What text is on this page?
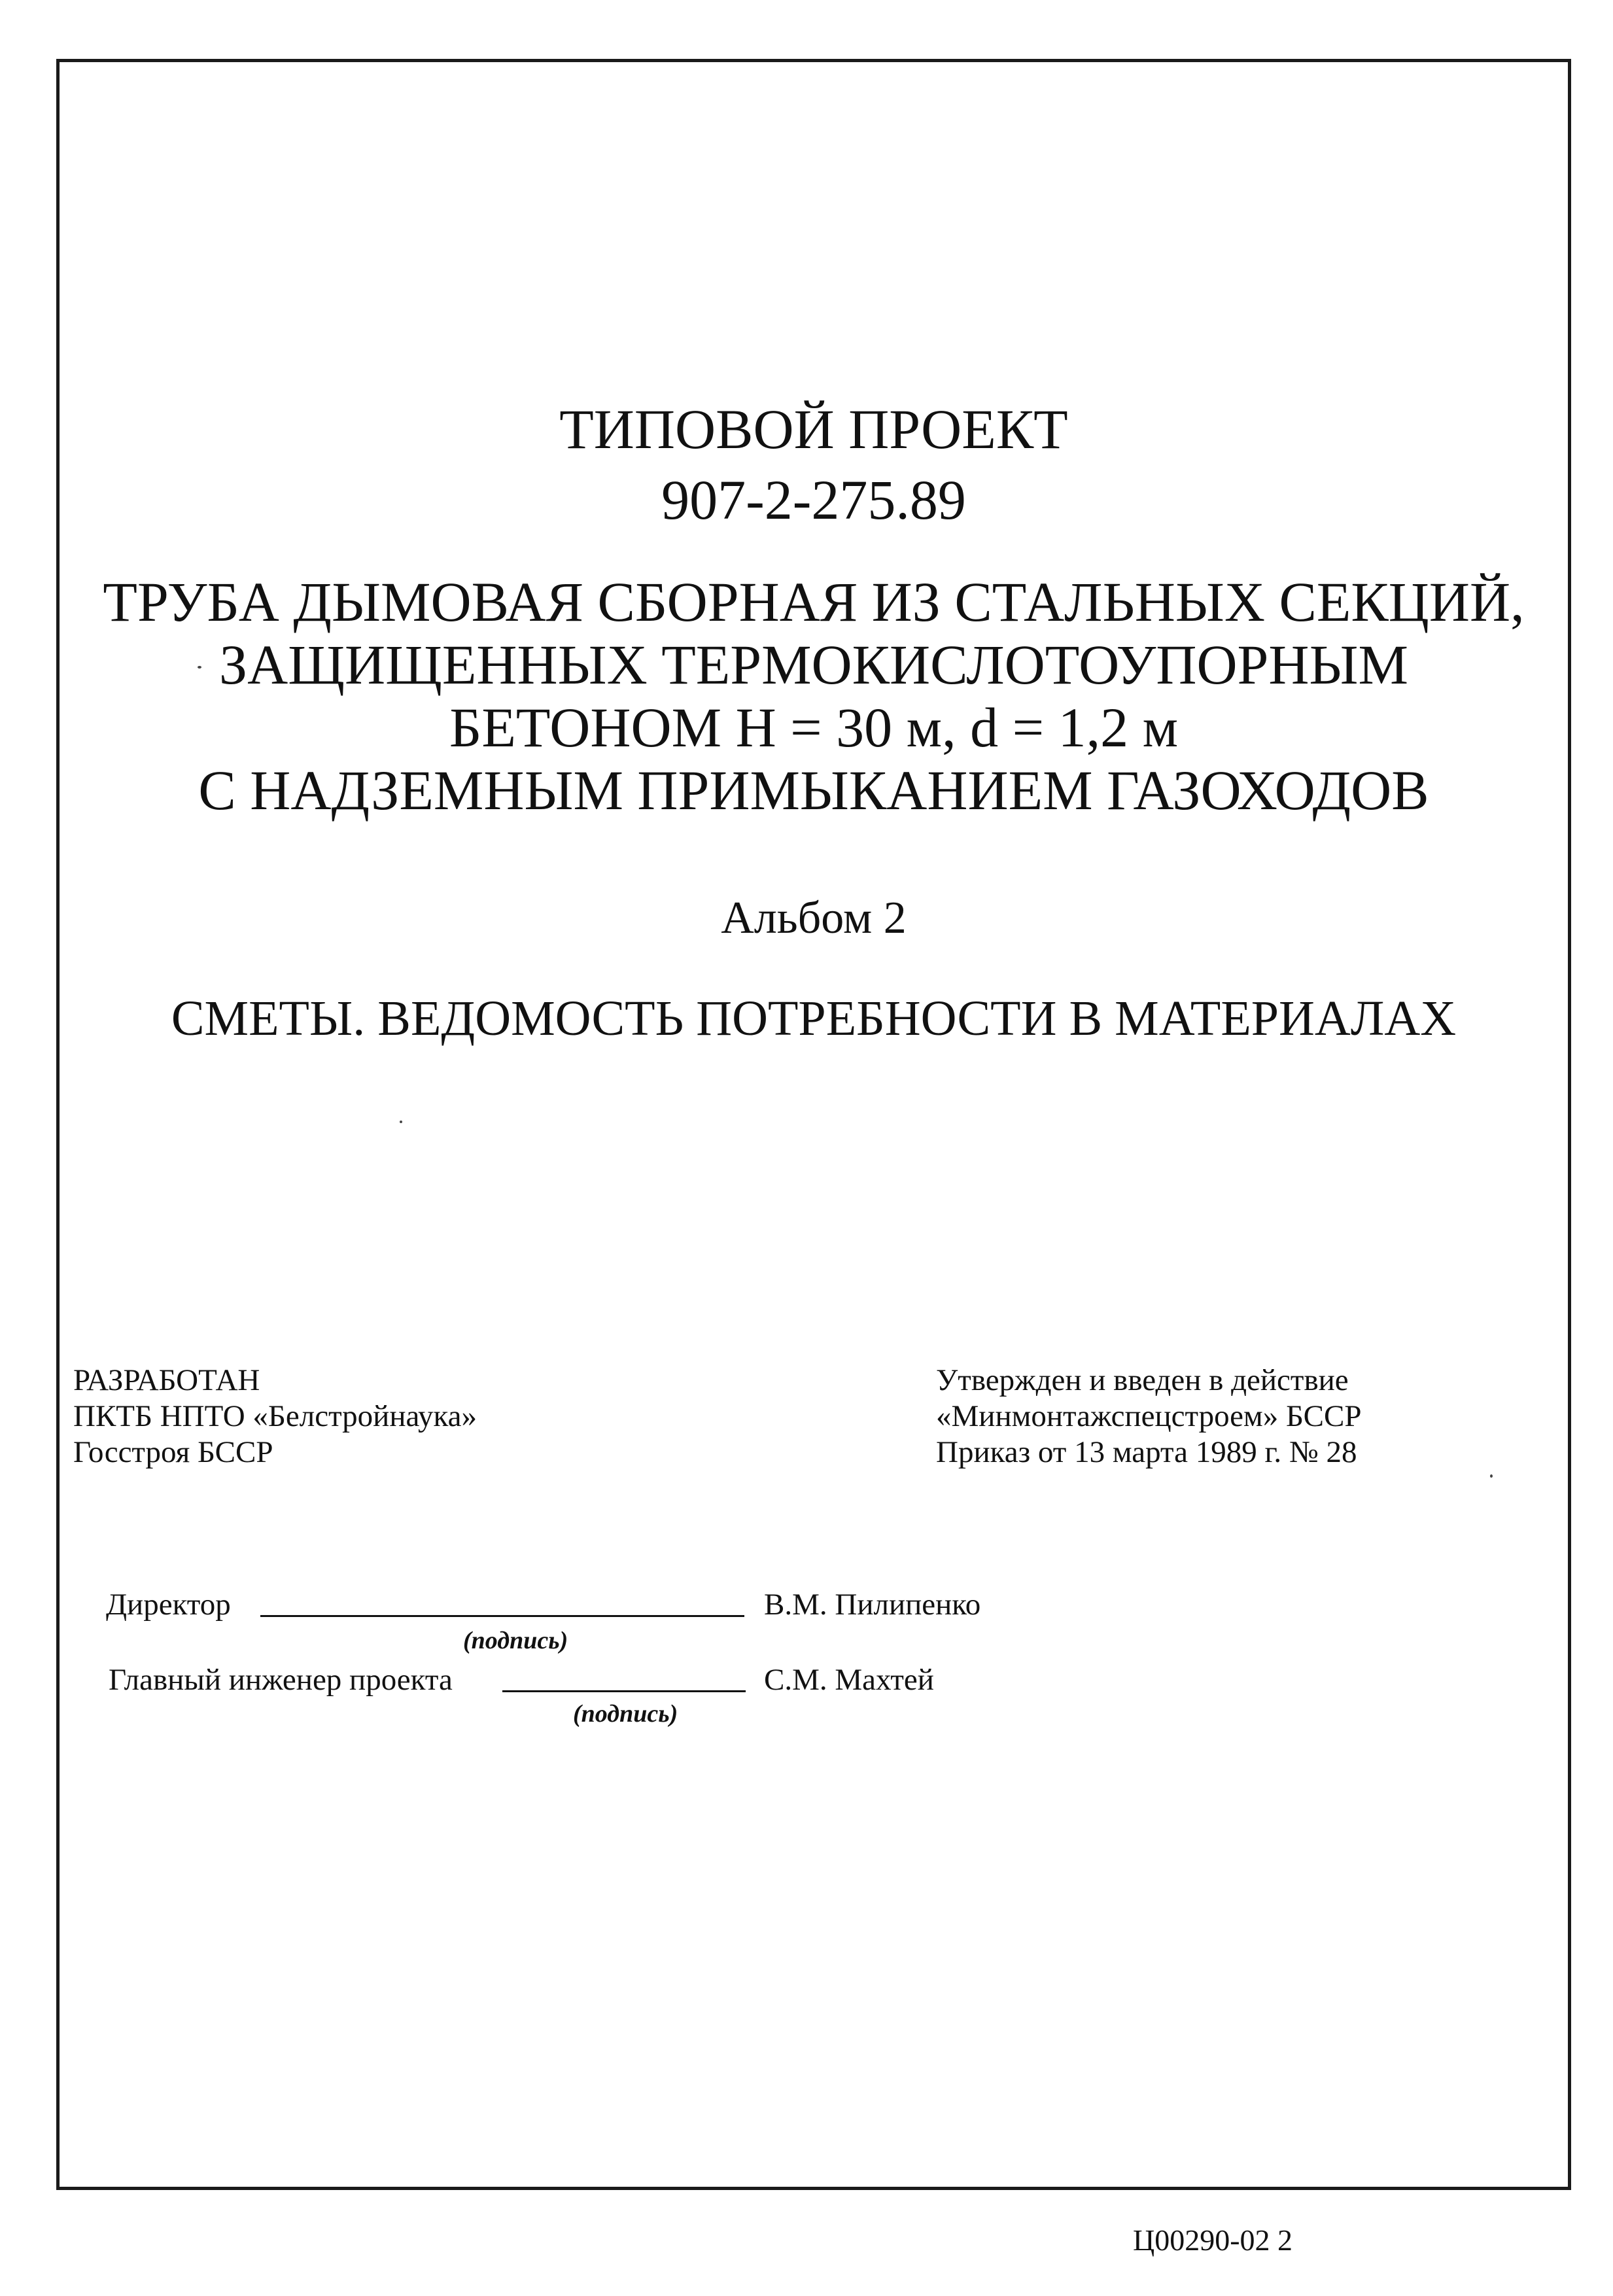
ТИПОВОЙ ПРОЕКТ
907-2-275.89
ТРУБА ДЫМОВАЯ СБОРНАЯ ИЗ СТАЛЬНЫХ СЕКЦИЙ,
ЗАЩИЩЕННЫХ ТЕРМОКИСЛОТОУПОРНЫМ
БЕТОНОМ H = 30 м, d = 1,2 м
С НАДЗЕМНЫМ ПРИМЫКАНИЕМ ГАЗОХОДОВ
Альбом 2
СМЕТЫ. ВЕДОМОСТЬ ПОТРЕБНОСТИ В МАТЕРИАЛАХ
РАЗРАБОТАН
ПКТБ НПТО «Белстройнаука»
Госстроя БССР
Утвержден и введен в действие
«Минмонтажспецстроем» БССР
Приказ от 13 марта 1989 г. № 28
Директор	В.М. Пилипенко
(подпись)
Главный инженер проекта	С.М. Махтей
(подпись)
Ц00290-02 2
